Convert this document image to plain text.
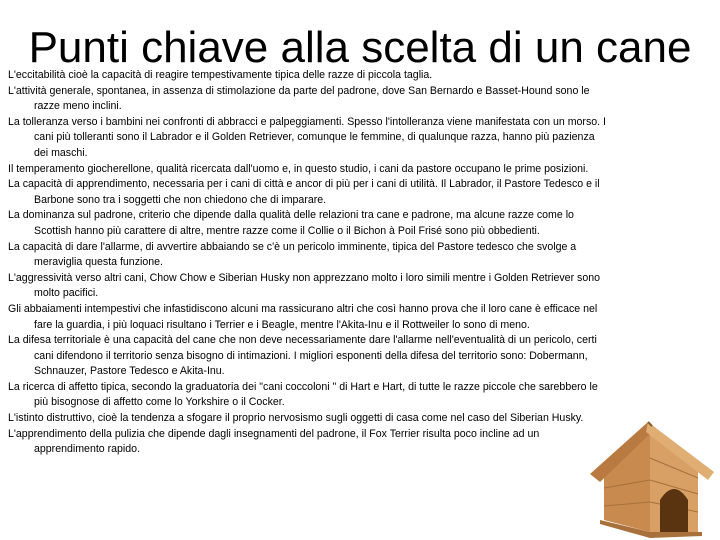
Punti chiave alla scelta di un cane
L'eccitabilità cioè la capacità di reagire tempestivamente tipica delle razze di piccola taglia.
L'attività generale, spontanea, in assenza di stimolazione da parte del padrone, dove San Bernardo e Basset-Hound sono le razze meno inclini.
La tolleranza verso i bambini nei confronti di abbracci e palpeggiamenti. Spesso l'intolleranza viene manifestata con un morso. I cani più tolleranti sono il Labrador e il Golden Retriever, comunque le femmine, di qualunque razza, hanno più pazienza dei maschi.
Il temperamento giocherellone, qualità ricercata dall'uomo e, in questo studio, i cani da pastore occupano le prime posizioni.
La capacità di apprendimento, necessaria per i cani di città e ancor di più per i cani di utilità. Il Labrador, il Pastore Tedesco e il Barbone sono tra i soggetti che non chiedono che di imparare.
La dominanza sul padrone, criterio che dipende dalla qualità delle relazioni tra cane e padrone, ma alcune razze come lo Scottish hanno più carattere di altre, mentre razze come il Collie o il Bichon à Poil Frisé sono più obbedienti.
La capacità di dare l'allarme, di avvertire abbaiando se c'è un pericolo imminente, tipica del Pastore tedesco che svolge a meraviglia questa funzione.
L'aggressività verso altri cani, Chow Chow e Siberian Husky non apprezzano molto i loro simili mentre i Golden Retriever sono molto pacifici.
Gli abbaiamenti intempestivi che infastidiscono alcuni ma rassicurano altri che così hanno prova che il loro cane è efficace nel fare la guardia, i più loquaci risultano i Terrier e i Beagle, mentre l'Akita-Inu e il Rottweiler lo sono di meno.
La difesa territoriale è una capacità del cane che non deve necessariamente dare l'allarme nell'eventualità di un pericolo, certi cani difendono il territorio senza bisogno di intimazioni. I migliori esponenti della difesa del territorio sono: Dobermann, Schnauzer, Pastore Tedesco e Akita-Inu.
La ricerca di affetto tipica, secondo la graduatoria dei "cani coccoloni " di Hart e Hart, di tutte le razze piccole che sarebbero le più bisognose di affetto come lo Yorkshire o il Cocker.
L'istinto distruttivo, cioè la tendenza a sfogare il proprio nervosismo sugli oggetti di casa come nel caso del Siberian Husky.
L'apprendimento della pulizia che dipende dagli insegnamenti del padrone, il Fox Terrier risulta poco incline ad un apprendimento rapido.
